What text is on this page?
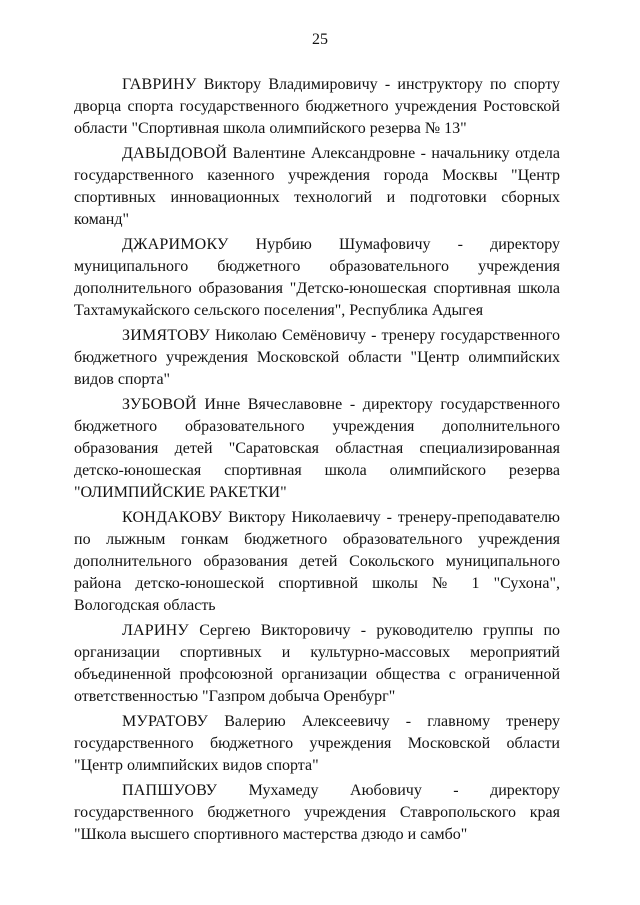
25

ГАВРИНУ Виктору Владимировичу - инструктору по спорту дворца спорта государственного бюджетного учреждения Ростовской области "Спортивная школа олимпийского резерва № 13"

ДАВЫДОВОЙ Валентине Александровне - начальнику отдела государственного казенного учреждения города Москвы "Центр спортивных инновационных технологий и подготовки сборных команд"

ДЖАРИМОКУ Нурбию Шумафовичу - директору муниципального бюджетного образовательного учреждения дополнительного образования "Детско-юношеская спортивная школа Тахтамукайского сельского поселения", Республика Адыгея

ЗИМЯТОВУ Николаю Семёновичу - тренеру государственного бюджетного учреждения Московской области "Центр олимпийских видов спорта"

ЗУБОВОЙ Инне Вячеславовне - директору государственного бюджетного образовательного учреждения дополнительного образования детей "Саратовская областная специализированная детско-юношеская спортивная школа олимпийского резерва "ОЛИМПИЙСКИЕ РАКЕТКИ"

КОНДАКОВУ Виктору Николаевичу - тренеру-преподавателю по лыжным гонкам бюджетного образовательного учреждения дополнительного образования детей Сокольского муниципального района детско-юношеской спортивной школы № 1 "Сухона", Вологодская область

ЛАРИНУ Сергею Викторовичу - руководителю группы по организации спортивных и культурно-массовых мероприятий объединенной профсоюзной организации общества с ограниченной ответственностью "Газпром добыча Оренбург"

МУРАТОВУ Валерию Алексеевичу - главному тренеру государственного бюджетного учреждения Московской области "Центр олимпийских видов спорта"

ПАПШУОВУ Мухамеду Аюбовичу - директору государственного бюджетного учреждения Ставропольского края "Школа высшего спортивного мастерства дзюдо и самбо"
